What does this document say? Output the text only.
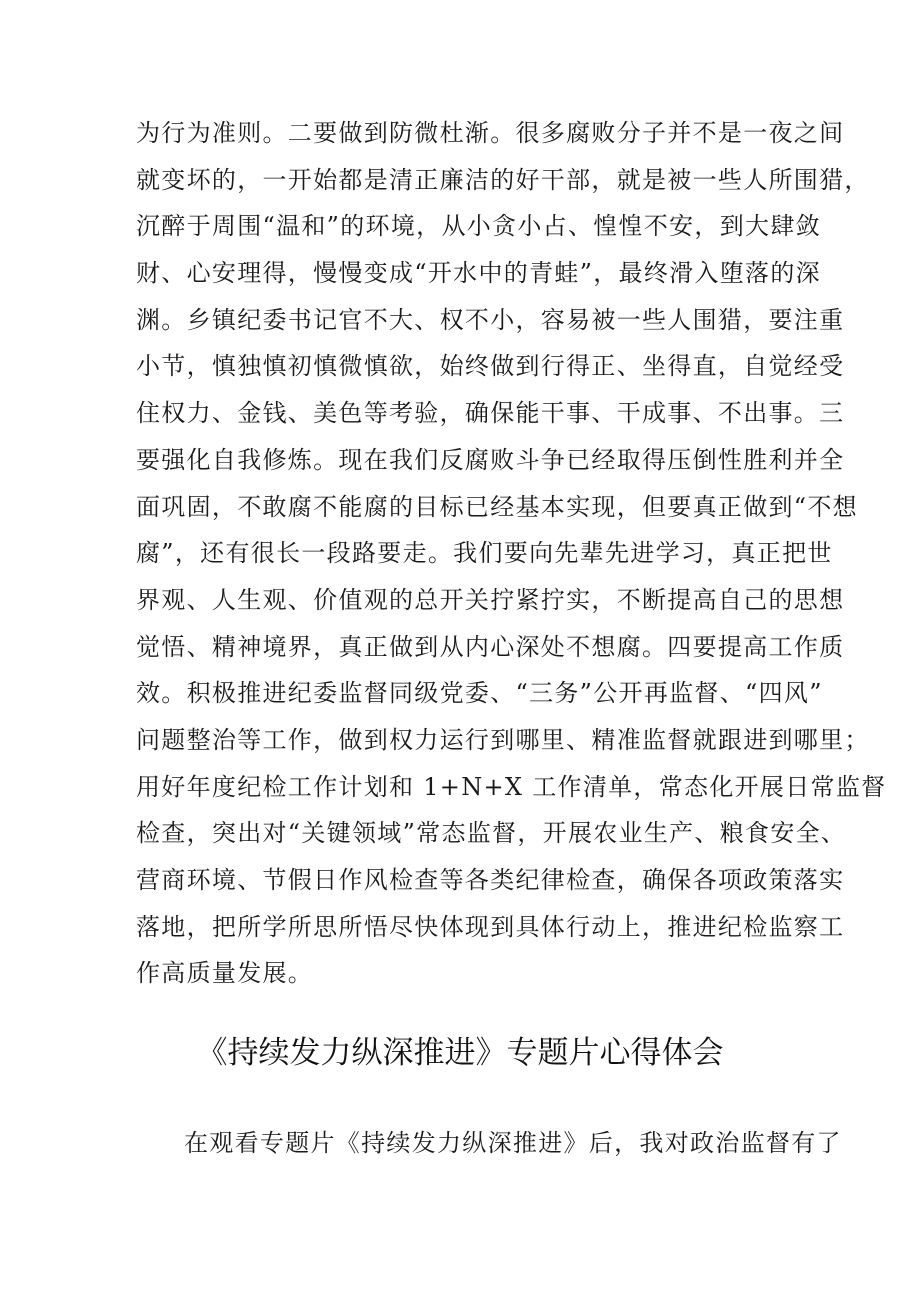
为行为准则。二要做到防微杜渐。很多腐败分子并不是一夜之间
就变坏的，一开始都是清正廉洁的好干部，就是被一些人所围猎，
沉醉于周围“温和”的环境，从小贪小占、惶惶不安，到大肆敛
财、心安理得，慢慢变成“开水中的青蛙”，最终滑入堕落的深
渊。乡镇纪委书记官不大、权不小，容易被一些人围猎，要注重
小节，慎独慎初慎微慎欲，始终做到行得正、坐得直，自觉经受
住权力、金钱、美色等考验，确保能干事、干成事、不出事。三
要强化自我修炼。现在我们反腐败斗争已经取得压倒性胜利并全
面巩固，不敢腐不能腐的目标已经基本实现，但要真正做到“不想
腐”，还有很长一段路要走。我们要向先辈先进学习，真正把世
界观、人生观、价值观的总开关拧紧拧实，不断提高自己的思想
觉悟、精神境界，真正做到从内心深处不想腐。四要提高工作质
效。积极推进纪委监督同级党委、“三务”公开再监督、“四风”
问题整治等工作，做到权力运行到哪里、精准监督就跟进到哪里；
用好年度纪检工作计划和 1+N+X 工作清单，常态化开展日常监督
检查，突出对“关键领域”常态监督，开展农业生产、粮食安全、
营商环境、节假日作风检查等各类纪律检查，确保各项政策落实
落地，把所学所思所悟尽快体现到具体行动上，推进纪检监察工
作高质量发展。
《持续发力纵深推进》专题片心得体会
在观看专题片《持续发力纵深推进》后，我对政治监督有了
